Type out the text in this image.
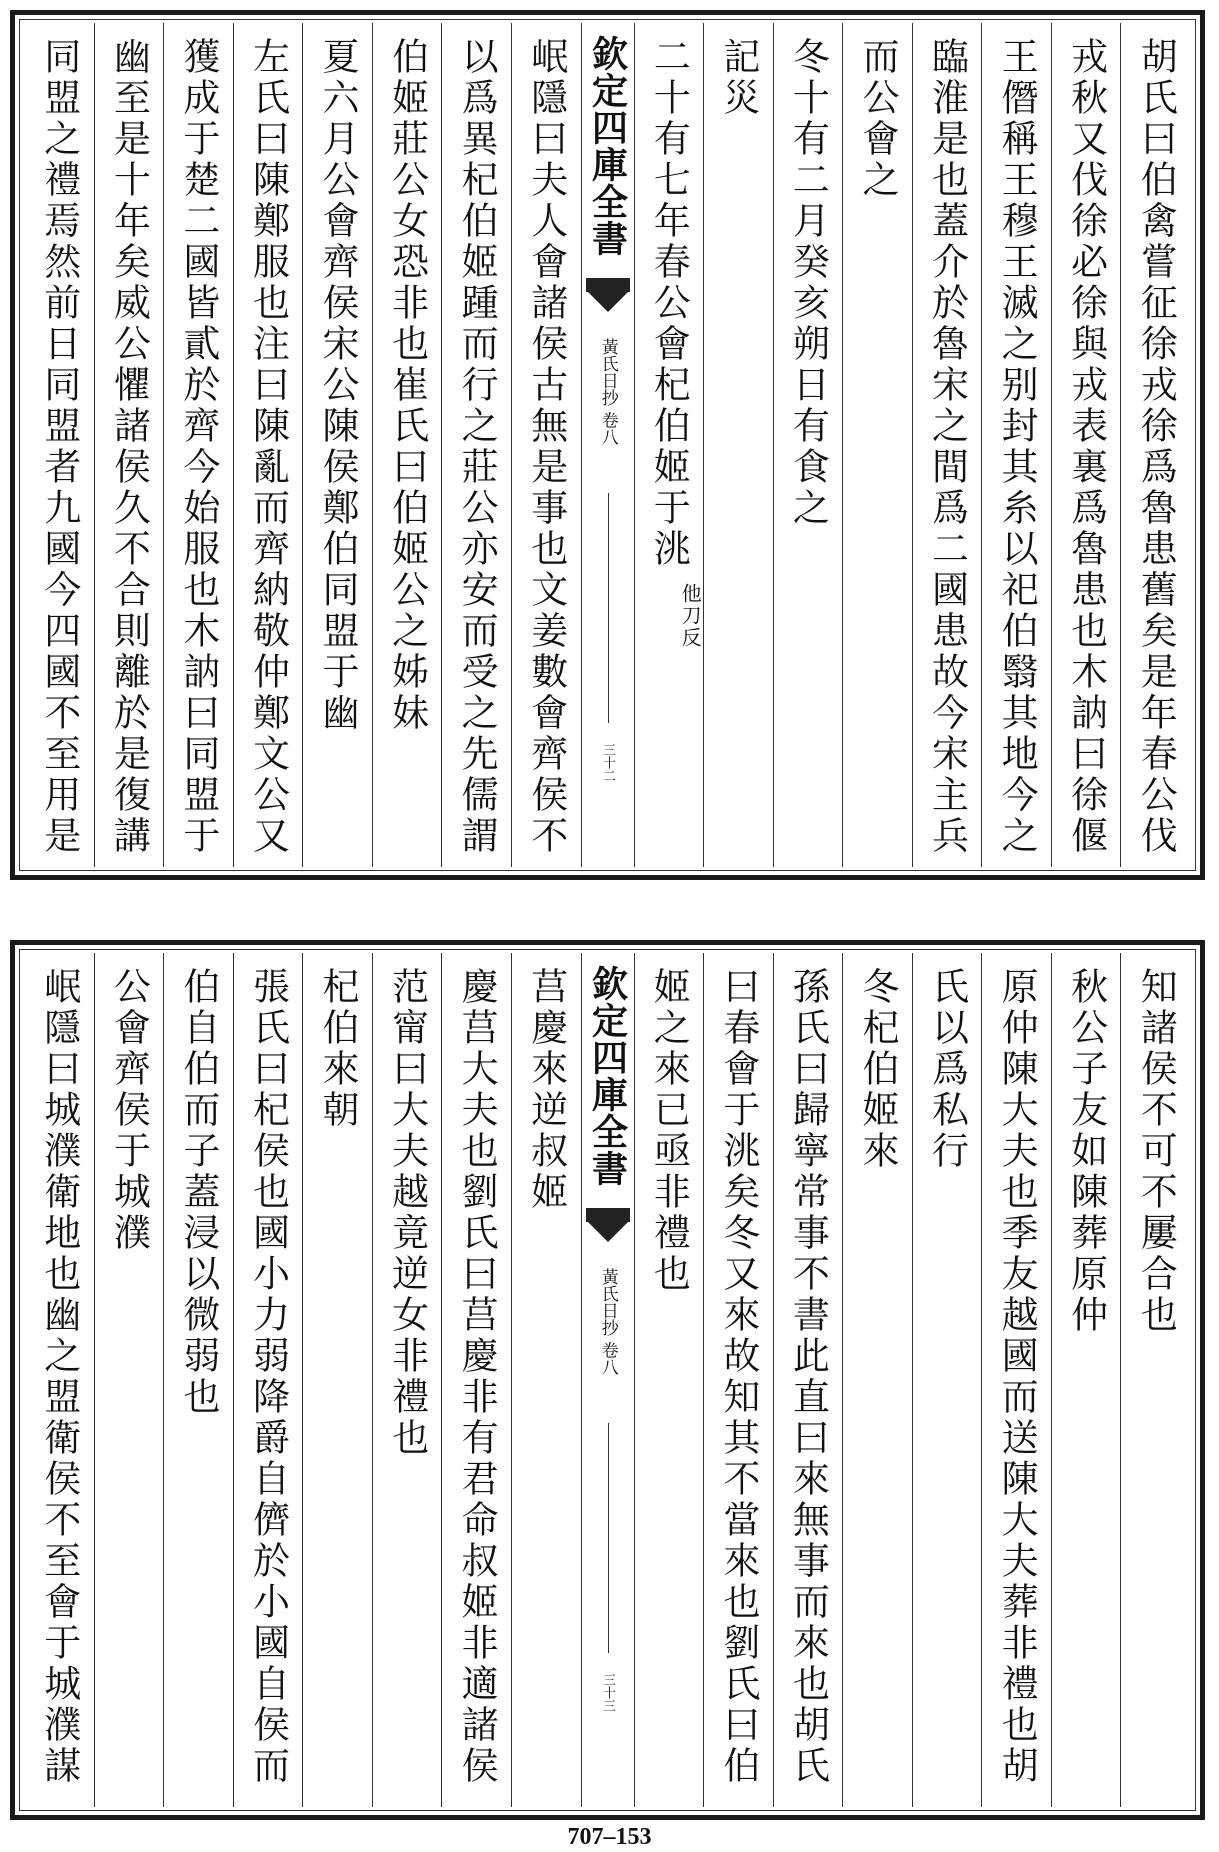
胡氏曰伯禽嘗征徐戎徐爲魯患舊矣是年春公伐
戎秋又伐徐必徐與戎表裏爲魯患也木訥曰徐偃
王僭稱王穆王滅之别封其糸以祀伯翳其地今之
臨淮是也蓋介於魯宋之間爲二國患故今宋主兵
而公會之
冬十有二月癸亥朔日有食之
記災
二十有七年春公會杞伯姬于洮
他刀反
欽定四庫全書
黃氏日抄 卷八
三十二
岷隱曰夫人會諸侯古無是事也文姜數會齊侯不
以爲異杞伯姬踵而行之莊公亦安而受之先儒謂
伯姬莊公女恐非也崔氏曰伯姬公之姊妹
夏六月公會齊侯宋公陳侯鄭伯同盟于幽
左氏曰陳鄭服也注曰陳亂而齊納敬仲鄭文公又
獲成于楚二國皆貳於齊今始服也木訥曰同盟于
幽至是十年矣威公懼諸侯久不合則離於是復講
同盟之禮焉然前日同盟者九國今四國不至用是
知諸侯不可不屢合也
秋公子友如陳葬原仲
原仲陳大夫也季友越國而送陳大夫葬非禮也胡
氏以爲私行
冬杞伯姬來
孫氏曰歸寧常事不書此直曰來無事而來也胡氏
曰春會于洮矣冬又來故知其不當來也劉氏曰伯
姬之來已亟非禮也
欽定四庫全書
黃氏日抄 卷八
三十三
莒慶來逆叔姬
慶莒大夫也劉氏曰莒慶非有君命叔姬非適諸侯
范甯曰大夫越竟逆女非禮也
杞伯來朝
張氏曰杞侯也國小力弱降爵自儕於小國自侯而
伯自伯而子蓋浸以微弱也
公會齊侯于城濮
岷隱曰城濮衛地也幽之盟衛侯不至會于城濮謀
707–153
